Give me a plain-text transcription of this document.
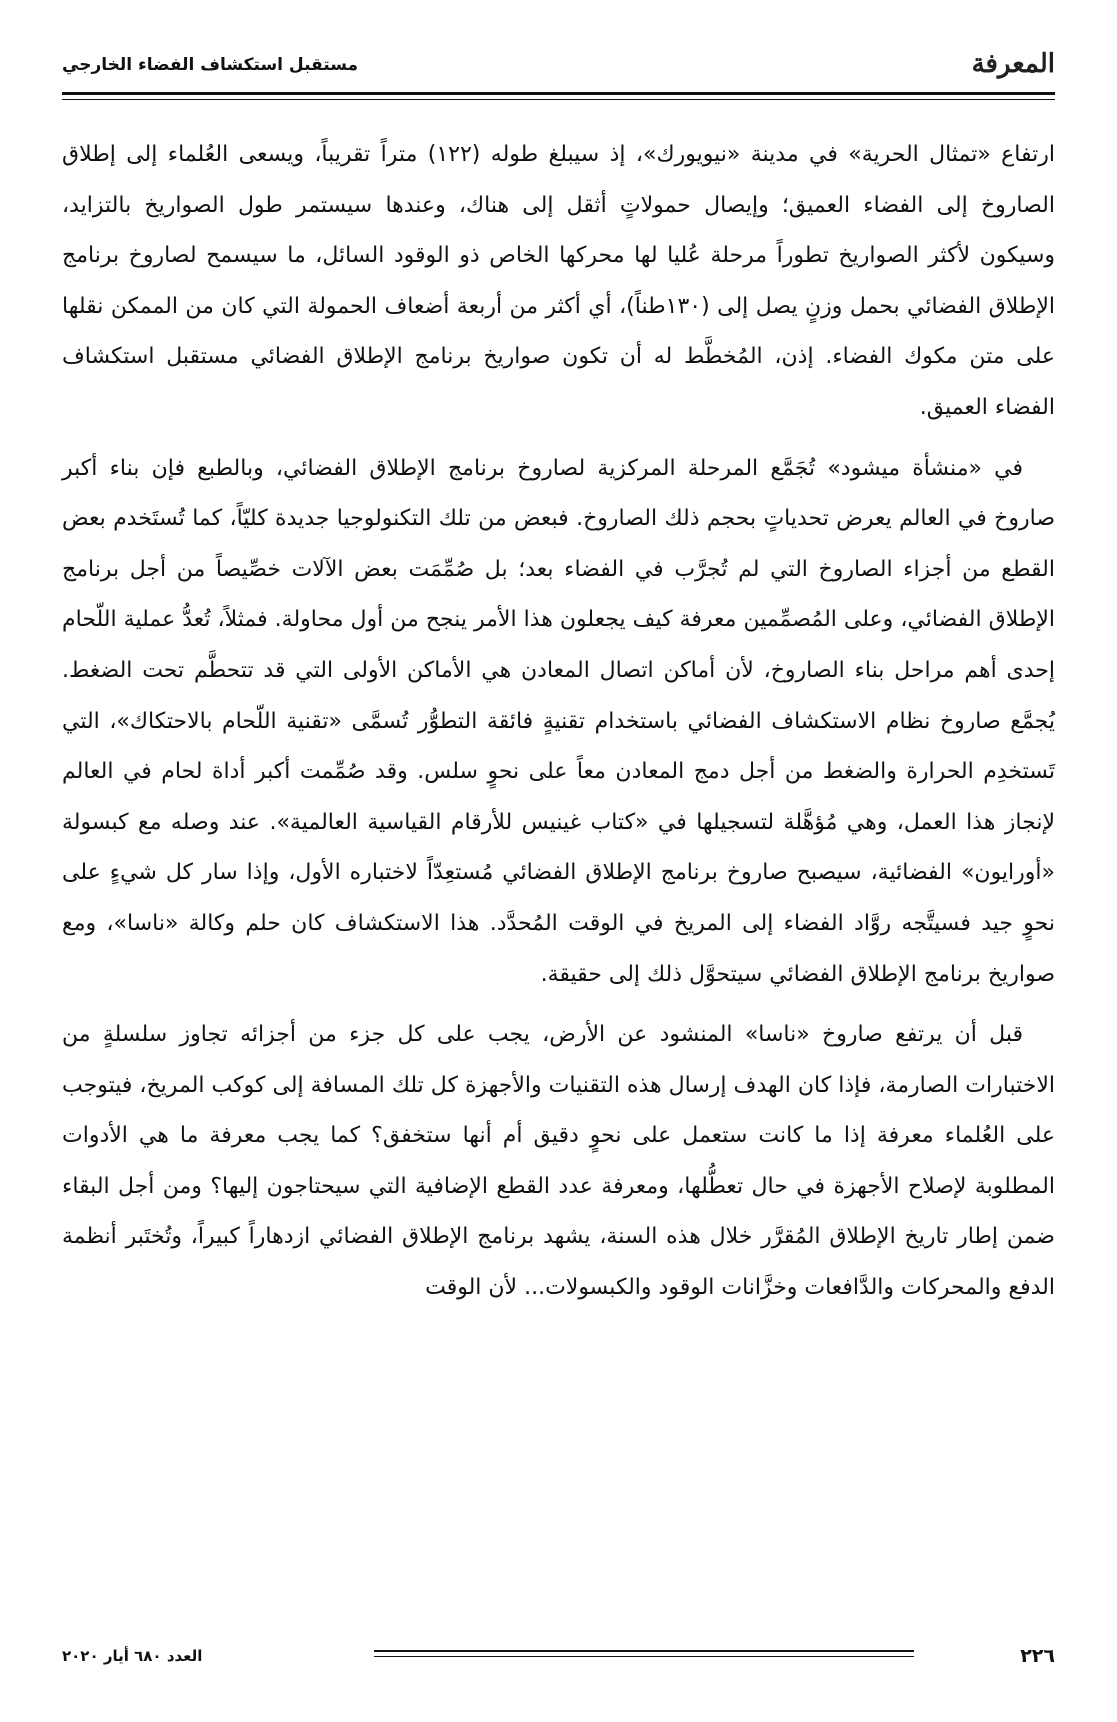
المعرفة
مستقبل استكشاف الفضاء الخارجي

ارتفاع «تمثال الحرية» في مدينة «نيويورك»، إذ سيبلغ طوله (١٢٢) متراً تقريباً، ويسعى العُلماء إلى إطلاق الصاروخ إلى الفضاء العميق؛ وإيصال حمولاتٍ أثقل إلى هناك، وعندها سيستمر طول الصواريخ بالتزايد، وسيكون لأكثر الصواريخ تطوراً مرحلة عُليا لها محركها الخاص ذو الوقود السائل، ما سيسمح لصاروخ برنامج الإطلاق الفضائي بحمل وزنٍ يصل إلى (١٣٠طناً)، أي أكثر من أربعة أضعاف الحمولة التي كان من الممكن نقلها على متن مكوك الفضاء. إذن، المُخطَّط له أن تكون صواريخ برنامج الإطلاق الفضائي مستقبل استكشاف الفضاء العميق.

في «منشأة ميشود» تُجَمَّع المرحلة المركزية لصاروخ برنامج الإطلاق الفضائي، وبالطبع فإن بناء أكبر صاروخ في العالم يعرض تحدياتٍ بحجم ذلك الصاروخ. فبعض من تلك التكنولوجيا جديدة كليّاً، كما تُستَخدم بعض القطع من أجزاء الصاروخ التي لم تُجرَّب في الفضاء بعد؛ بل صُمِّمَت بعض الآلات خصِّيصاً من أجل برنامج الإطلاق الفضائي، وعلى المُصمِّمين معرفة كيف يجعلون هذا الأمر ينجح من أول محاولة. فمثلاً، تُعدُّ عملية اللّحام إحدى أهم مراحل بناء الصاروخ، لأن أماكن اتصال المعادن هي الأماكن الأولى التي قد تتحطَّم تحت الضغط. يُجمَّع صاروخ نظام الاستكشاف الفضائي باستخدام تقنيةٍ فائقة التطوُّر تُسمَّى «تقنية اللّحام بالاحتكاك»، التي تَستخدِم الحرارة والضغط من أجل دمج المعادن معاً على نحوٍ سلس. وقد صُمِّمت أكبر أداة لحام في العالم لإنجاز هذا العمل، وهي مُؤهَّلة لتسجيلها في «كتاب غينيس للأرقام القياسية العالمية». عند وصله مع كبسولة «أورايون» الفضائية، سيصبح صاروخ برنامج الإطلاق الفضائي مُستعِدّاً لاختباره الأول، وإذا سار كل شيءٍ على نحوٍ جيد فسيتَّجه روَّاد الفضاء إلى المريخ في الوقت المُحدَّد. هذا الاستكشاف كان حلم وكالة «ناسا»، ومع صواريخ برنامج الإطلاق الفضائي سيتحوَّل ذلك إلى حقيقة.

قبل أن يرتفع صاروخ «ناسا» المنشود عن الأرض، يجب على كل جزء من أجزائه تجاوز سلسلةٍ من الاختبارات الصارمة، فإذا كان الهدف إرسال هذه التقنيات والأجهزة كل تلك المسافة إلى كوكب المريخ، فيتوجب على العُلماء معرفة إذا ما كانت ستعمل على نحوٍ دقيق أم أنها ستخفق؟ كما يجب معرفة ما هي الأدوات المطلوبة لإصلاح الأجهزة في حال تعطُّلها، ومعرفة عدد القطع الإضافية التي سيحتاجون إليها؟ ومن أجل البقاء ضمن إطار تاريخ الإطلاق المُقرَّر خلال هذه السنة، يشهد برنامج الإطلاق الفضائي ازدهاراً كبيراً، وتُختَبر أنظمة الدفع والمحركات والدَّافعات وخزَّانات الوقود والكبسولات... لأن الوقت

٢٢٦
العدد ٦٨٠ أيار ٢٠٢٠
